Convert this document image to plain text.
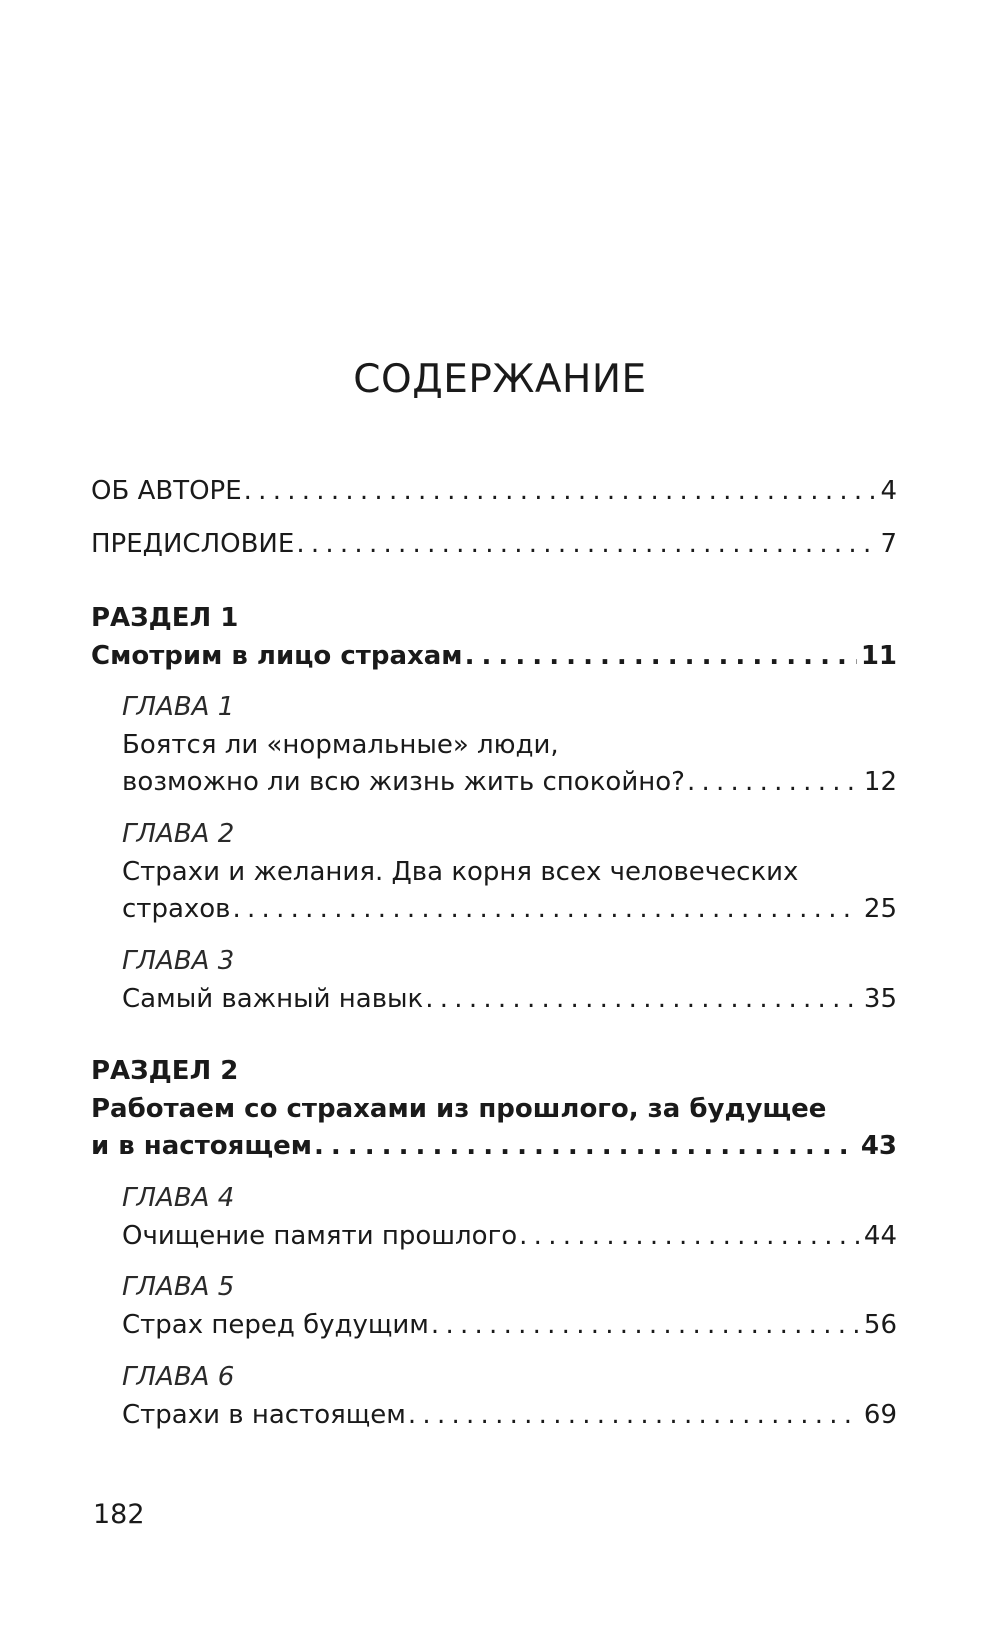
СОДЕРЖАНИЕ
ОБ АВТОРЕ . . .	4
ПРЕДИСЛОВИЕ . . .	7
РАЗДЕЛ 1
Смотрим в лицо страхам . . .	11
ГЛАВА 1
Боятся ли «нормальные» люди,
возможно ли всю жизнь жить спокойно? . . .	12
ГЛАВА 2
Страхи и желания. Два корня всех человеческих
страхов . . .	25
ГЛАВА 3
Самый важный навык . . .	35
РАЗДЕЛ 2
Работаем со страхами из прошлого, за будущее
и в настоящем . . .	43
ГЛАВА 4
Очищение памяти прошлого . . .	44
ГЛАВА 5
Страх перед будущим . . .	56
ГЛАВА 6
Страхи в настоящем . . .	69
182
